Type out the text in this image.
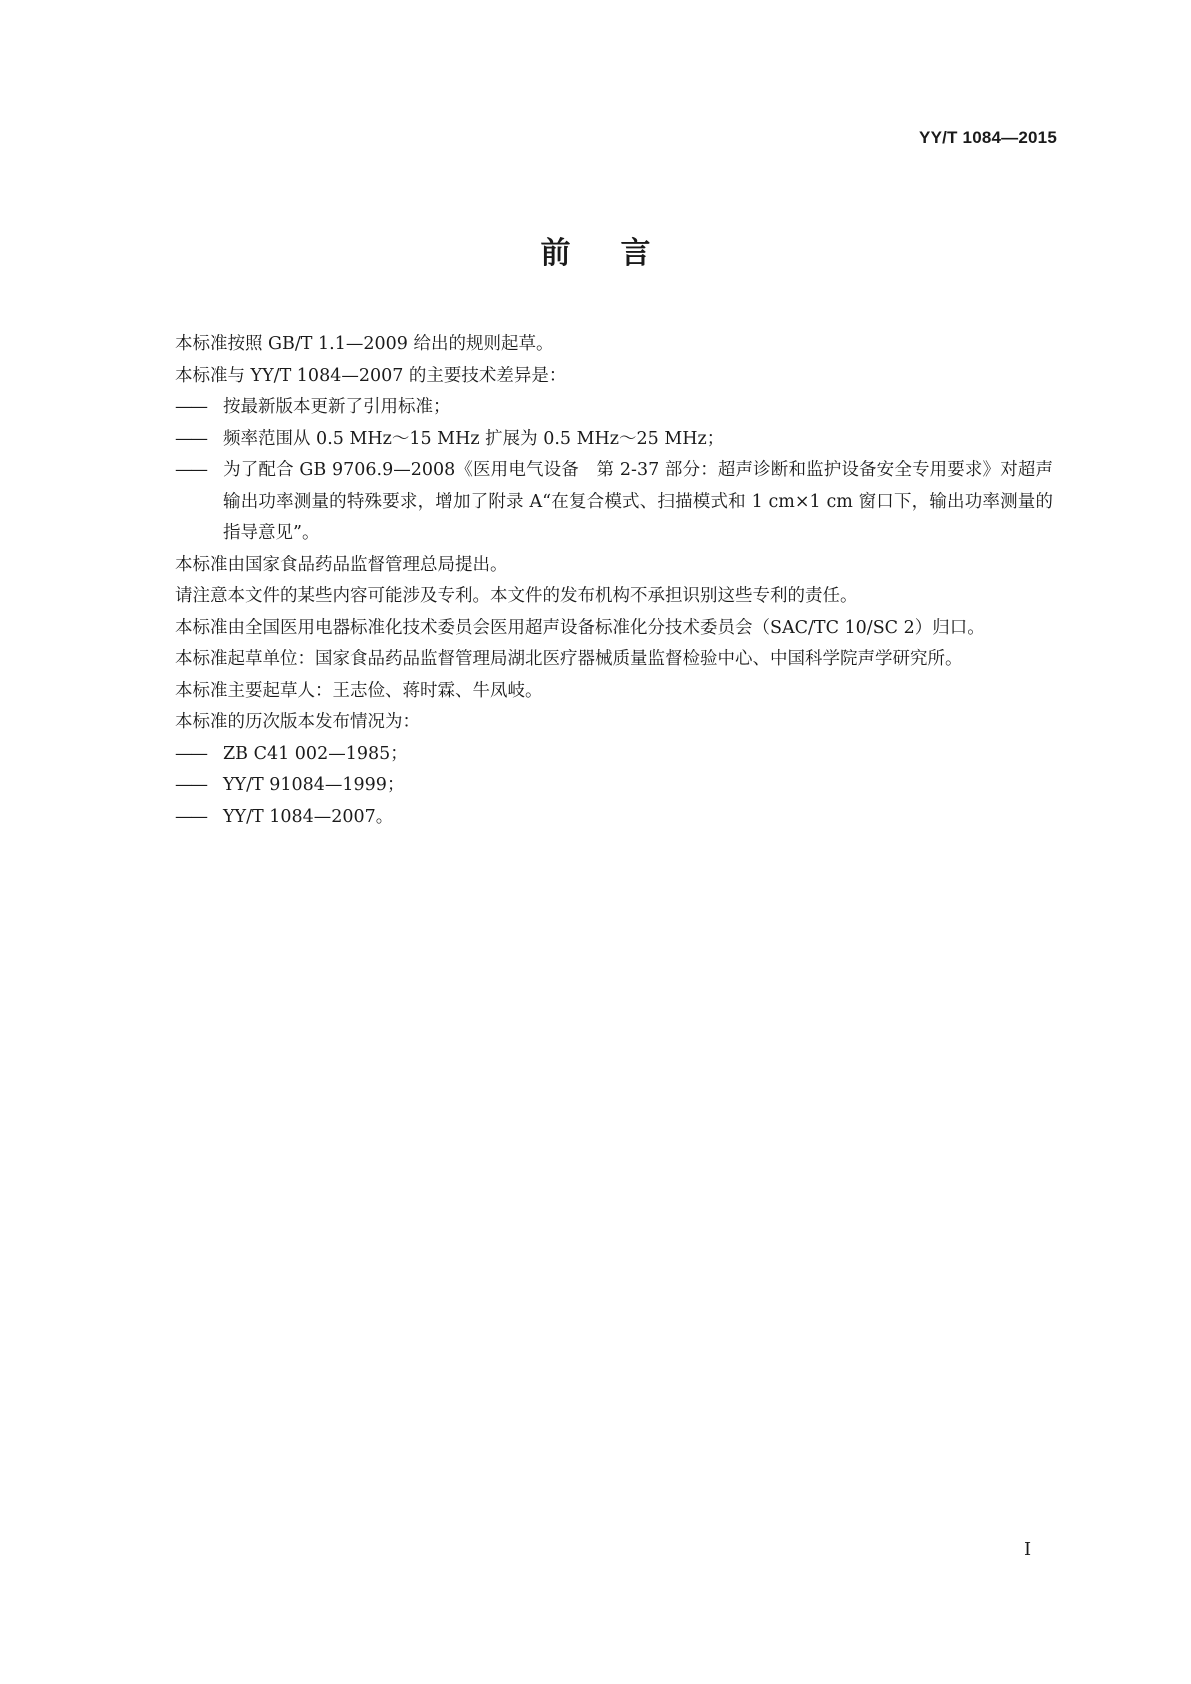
YY/T 1084—2015
前言

本标准按照 GB/T 1.1—2009 给出的规则起草。

本标准与 YY/T 1084—2007 的主要技术差异是：

—— 按最新版本更新了引用标准；

—— 频率范围从 0.5 MHz～15 MHz 扩展为 0.5 MHz～25 MHz；

—— 为了配合 GB 9706.9—2008《医用电气设备　第 2-37 部分：超声诊断和监护设备安全专用要求》对超声输出功率测量的特殊要求，增加了附录 A“在复合模式、扫描模式和 1 cm×1 cm 窗口下，输出功率测量的指导意见”。

本标准由国家食品药品监督管理总局提出。

请注意本文件的某些内容可能涉及专利。本文件的发布机构不承担识别这些专利的责任。

本标准由全国医用电器标准化技术委员会医用超声设备标准化分技术委员会（SAC/TC 10/SC 2）归口。

本标准起草单位：国家食品药品监督管理局湖北医疗器械质量监督检验中心、中国科学院声学研究所。

本标准主要起草人：王志俭、蒋时霖、牛凤岐。

本标准的历次版本发布情况为：

—— ZB C41 002—1985；

—— YY/T 91084—1999；

—— YY/T 1084—2007。

I
